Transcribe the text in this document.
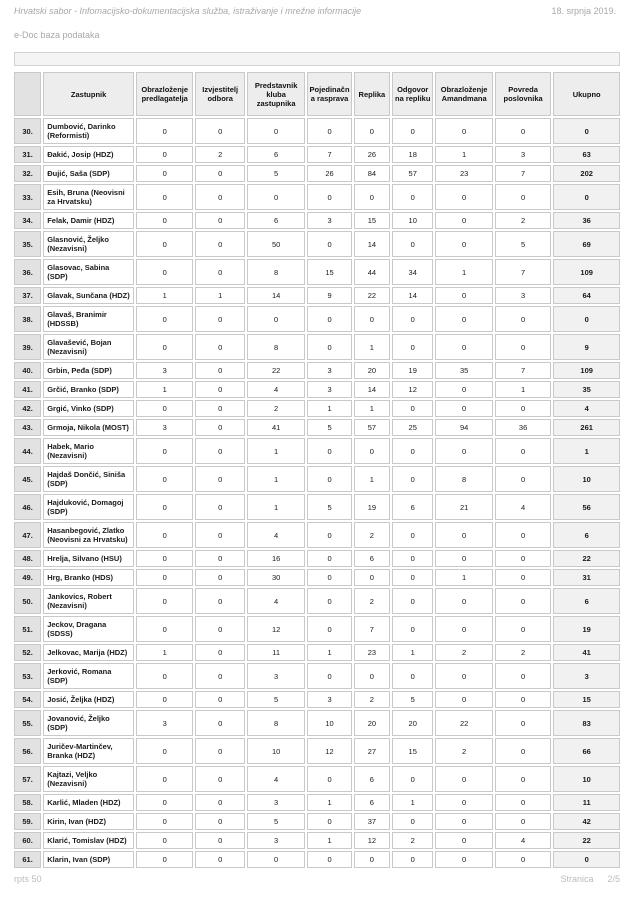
Hrvatski sabor - Infomacijsko-dokumentacijska služba, istraživanje i mrežne informacije	18. srpnja 2019.
e-Doc baza podataka
	Zastupnik	Obrazloženje predlagatelja	Izvjestitelj odbora	Predstavnik kluba zastupnika	Pojedinačna rasprava	Replika	Odgovor na repliku	Obrazloženje Amandmana	Povreda poslovnika	Ukupno
30.	Dumbović, Darinko (Reformisti)	0	0	0	0	0	0	0	0	0
31.	Đakić, Josip (HDZ)	0	2	6	7	26	18	1	3	63
32.	Đujić, Saša (SDP)	0	0	5	26	84	57	23	7	202
33.	Esih, Bruna (Neovisni za Hrvatsku)	0	0	0	0	0	0	0	0	0
34.	Felak, Damir (HDZ)	0	0	6	3	15	10	0	2	36
35.	Glasnović, Željko (Nezavisni)	0	0	50	0	14	0	0	5	69
36.	Glasovac, Sabina (SDP)	0	0	8	15	44	34	1	7	109
37.	Glavak, Sunčana (HDZ)	1	1	14	9	22	14	0	3	64
38.	Glavaš, Branimir (HDSSB)	0	0	0	0	0	0	0	0	0
39.	Glavašević, Bojan (Nezavisni)	0	0	8	0	1	0	0	0	9
40.	Grbin, Peđa (SDP)	3	0	22	3	20	19	35	7	109
41.	Grčić, Branko (SDP)	1	0	4	3	14	12	0	1	35
42.	Grgić, Vinko (SDP)	0	0	2	1	1	0	0	0	4
43.	Grmoja, Nikola (MOST)	3	0	41	5	57	25	94	36	261
44.	Habek, Mario (Nezavisni)	0	0	1	0	0	0	0	0	1
45.	Hajdaš Dončić, Siniša (SDP)	0	0	1	0	1	0	8	0	10
46.	Hajduković, Domagoj (SDP)	0	0	1	5	19	6	21	4	56
47.	Hasanbegović, Zlatko (Neovisni za Hrvatsku)	0	0	4	0	2	0	0	0	6
48.	Hrelja, Silvano (HSU)	0	0	16	0	6	0	0	0	22
49.	Hrg, Branko (HDS)	0	0	30	0	0	0	1	0	31
50.	Jankovics, Robert (Nezavisni)	0	0	4	0	2	0	0	0	6
51.	Jeckov, Dragana (SDSS)	0	0	12	0	7	0	0	0	19
52.	Jelkovac, Marija (HDZ)	1	0	11	1	23	1	2	2	41
53.	Jerković, Romana (SDP)	0	0	3	0	0	0	0	0	3
54.	Josić, Željka (HDZ)	0	0	5	3	2	5	0	0	15
55.	Jovanović, Željko (SDP)	3	0	8	10	20	20	22	0	83
56.	Juričev-Martinčev, Branka (HDZ)	0	0	10	12	27	15	2	0	66
57.	Kajtazi, Veljko (Nezavisni)	0	0	4	0	6	0	0	0	10
58.	Karlić, Mladen (HDZ)	0	0	3	1	6	1	0	0	11
59.	Kirin, Ivan (HDZ)	0	0	5	0	37	0	0	0	42
60.	Klarić, Tomislav (HDZ)	0	0	3	1	12	2	0	4	22
61.	Klarin, Ivan (SDP)	0	0	0	0	0	0	0	0	0
rpts 50	Stranica 2/5
